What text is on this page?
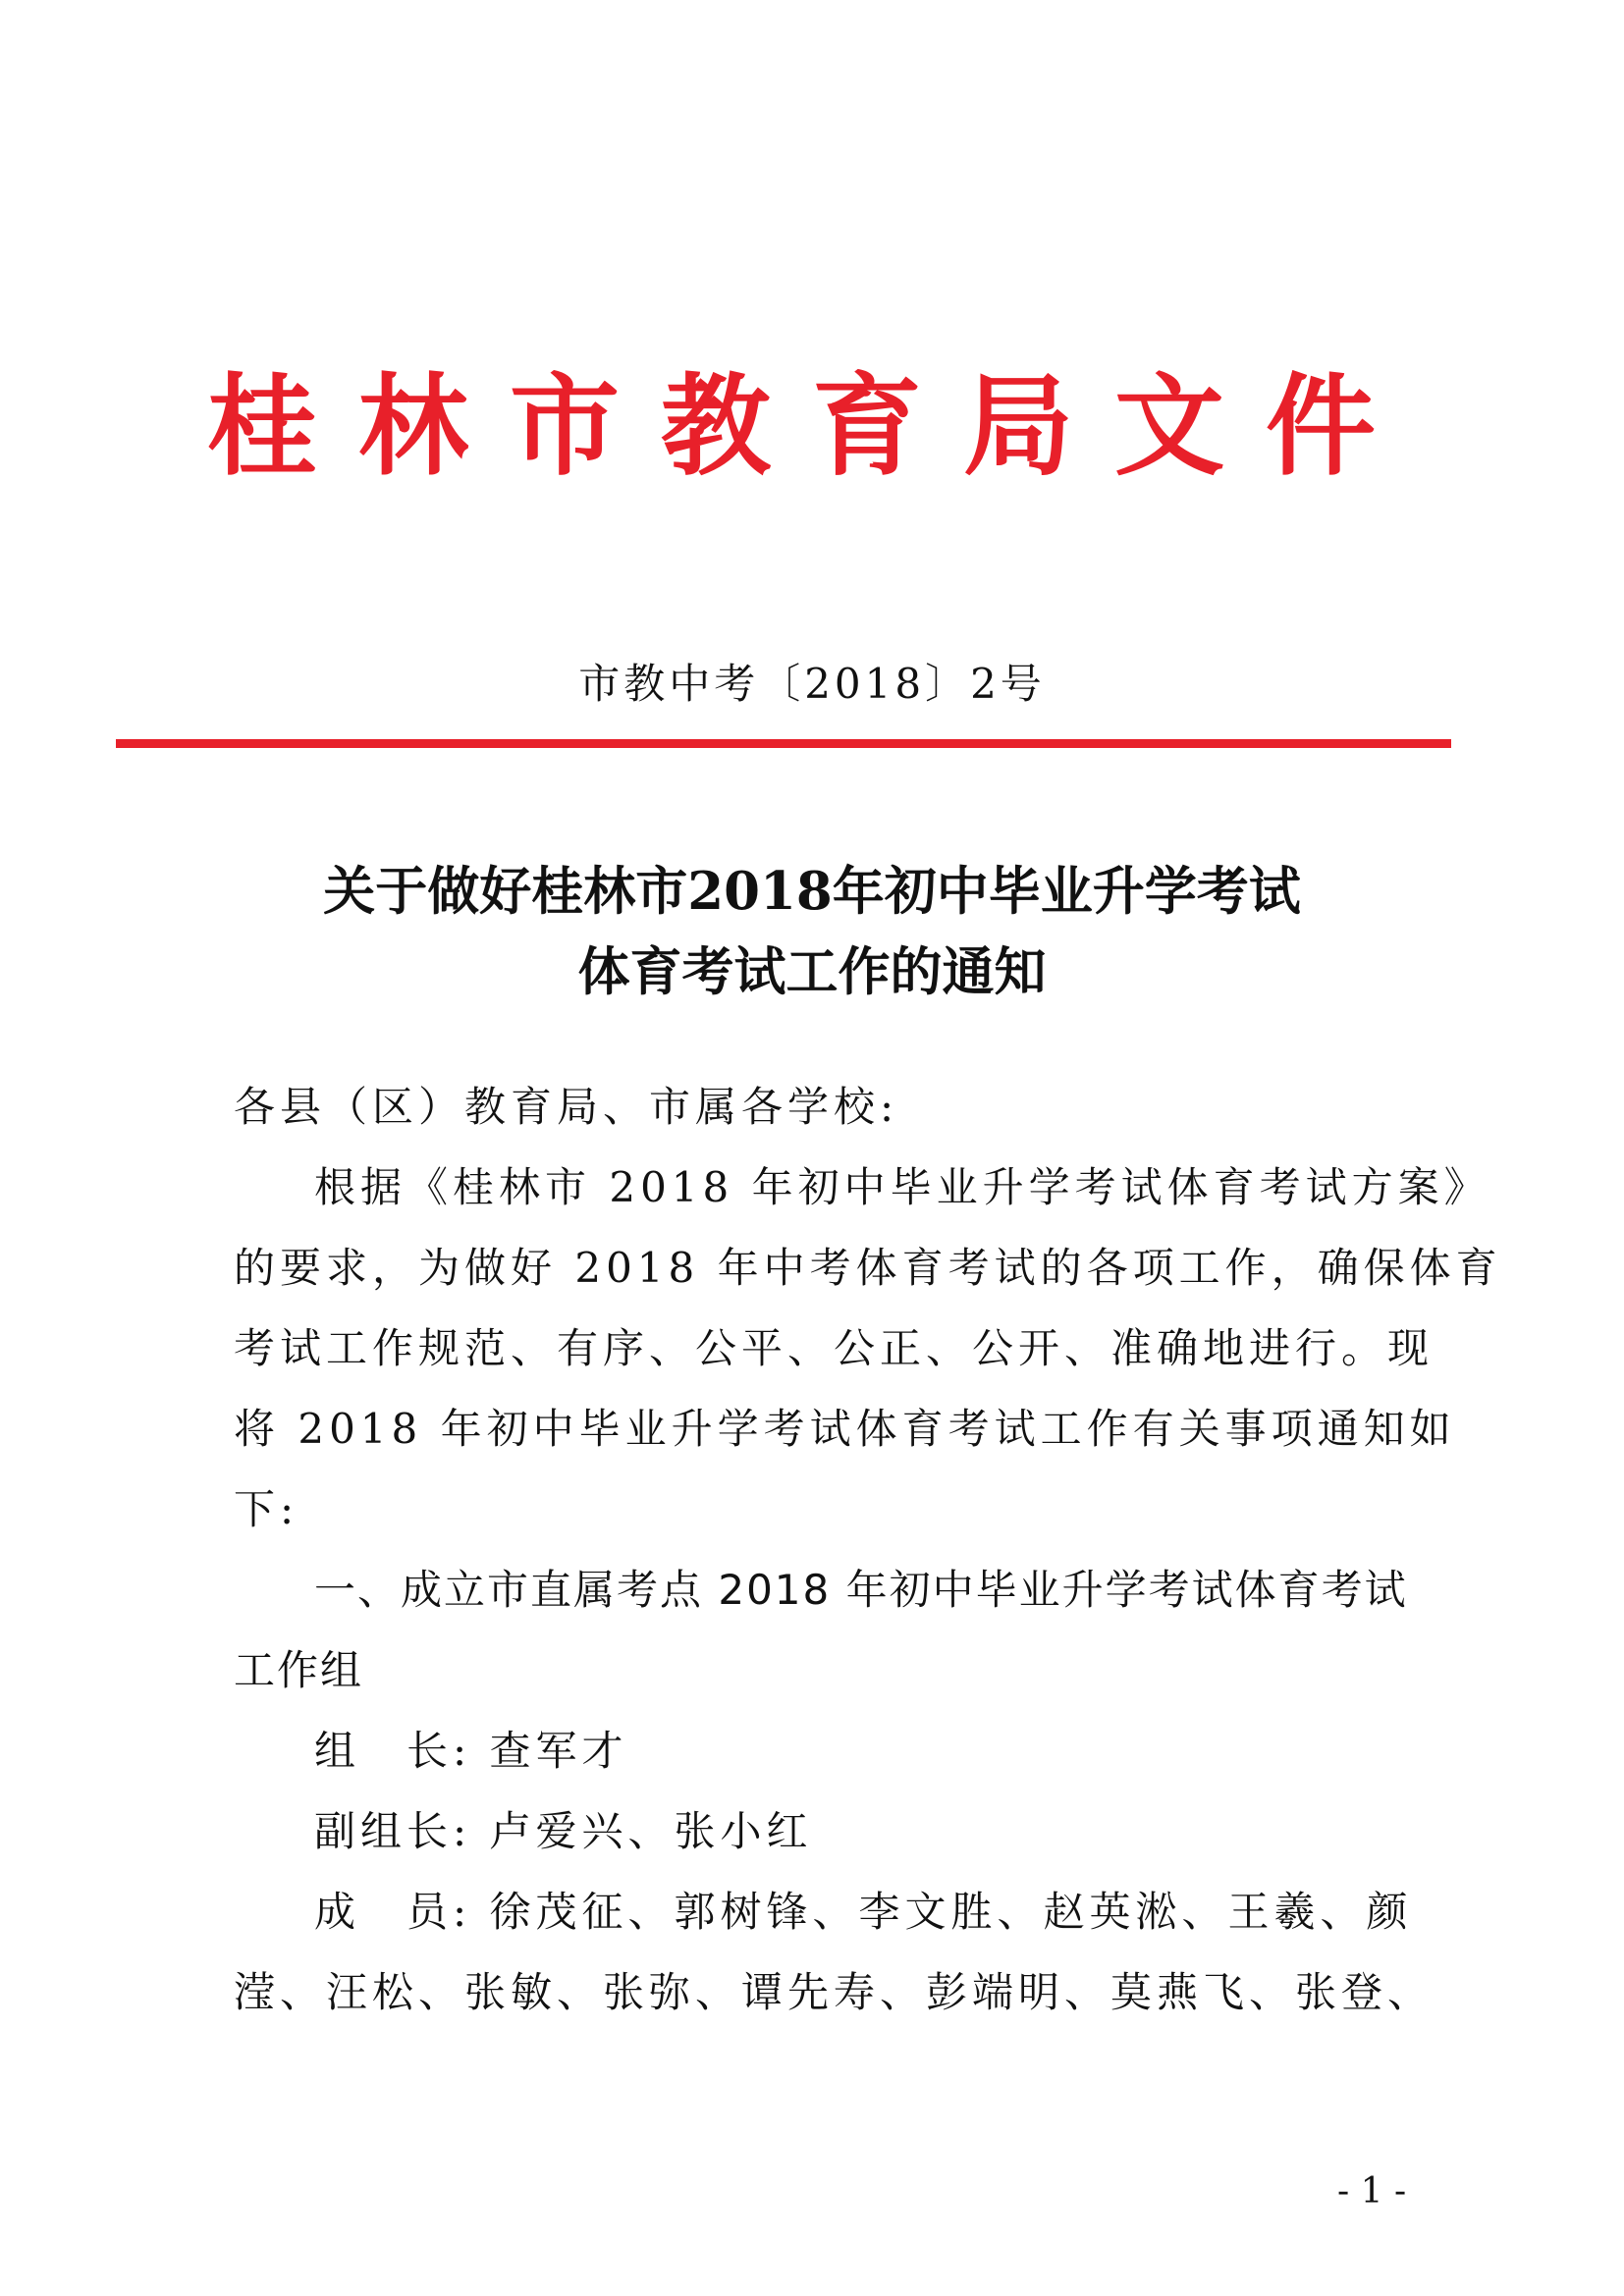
桂林市教育局文件
市教中考〔2018〕2号
关于做好桂林市2018年初中毕业升学考试
体育考试工作的通知
各县（区）教育局、市属各学校:
根据《桂林市 2018 年初中毕业升学考试体育考试方案》
的要求，为做好 2018 年中考体育考试的各项工作，确保体育
考试工作规范、有序、公平、公正、公开、准确地进行。现
将 2018 年初中毕业升学考试体育考试工作有关事项通知如
下:
一、成立市直属考点 2018 年初中毕业升学考试体育考试
工作组
组　长: 查军才
副组长: 卢爱兴、张小红
成　员: 徐茂征、郭树锋、李文胜、赵英淞、王羲、颜
滢、汪松、张敏、张弥、谭先寿、彭端明、莫燕飞、张登、
- 1 -
